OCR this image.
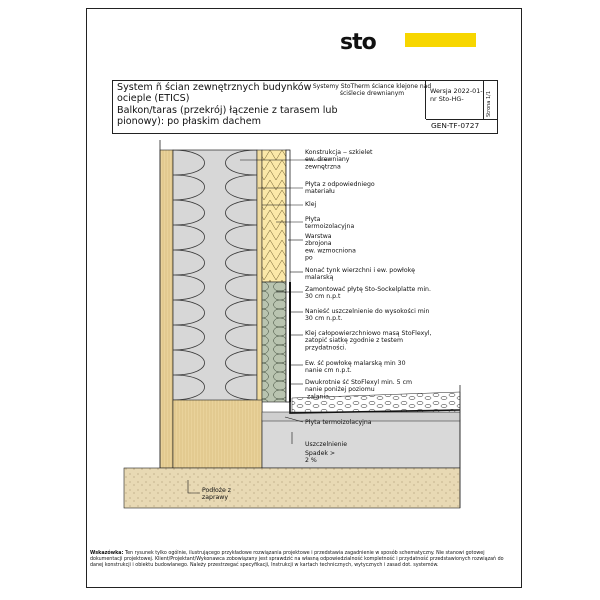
sto

System ñ ścian zewnętrznych budynków
ocieple (ETICS)
Balkon/taras (przekrój) łączenie z tarasem lub
pionowy): po płaskim dachem

Systemy StoTherm ściance klejone nad ściślecie drewnianym	Wersja 2022-01-
nr Sto-HG-	Strona 1/1
GEN-TF-0727
Konstrukcja ‒ szkielet ew. drewniany zewnętrzna
Płyta z odpowiedniego materiału
Klej
Płyta termoizolacyjna
Warstwa zbrojona ew. wzmocniona po
Nonać tynk wierzchni i ew. powłokę malarską
Zamontować płytę Sto-Sockelplatte min. 30 cm n.p.t
Nanieść uszczelnienie do wysokości min 30 cm n.p.t.
Klej całopowierzchniowo masą StoFlexyl, zatopić siatkę zgodnie z testem przydatności.
Ew. ść powłokę malarską min 30 nanie cm n.p.t.
Dwukrotnie ść StoFlexyl min. 5 cm nanie poniżej poziomu zalania
Płyta termoizolacyjna
Uszczelnienie
Spadek > 2 %
Podłoże z zaprawy
Wskazówka: Ten rysunek tylko ogólnie, ilustrującego przykładowe rozwiązania projektowe i przedstawia zagadnienie w sposób schematyczny. Nie stanowi gotowej dokumentacji projektowej. Klient/Projektant/Wykonawca zobowiązany jest sprawdzić na własną odpowiedzialność kompletność i przydatność przedstawionych rozwiązań do danej konstrukcji i obiektu budowlanego. Należy przestrzegać specyfikacji, Instrukcji w kartach technicznych, wytycznych i zasad dot. systemów.
